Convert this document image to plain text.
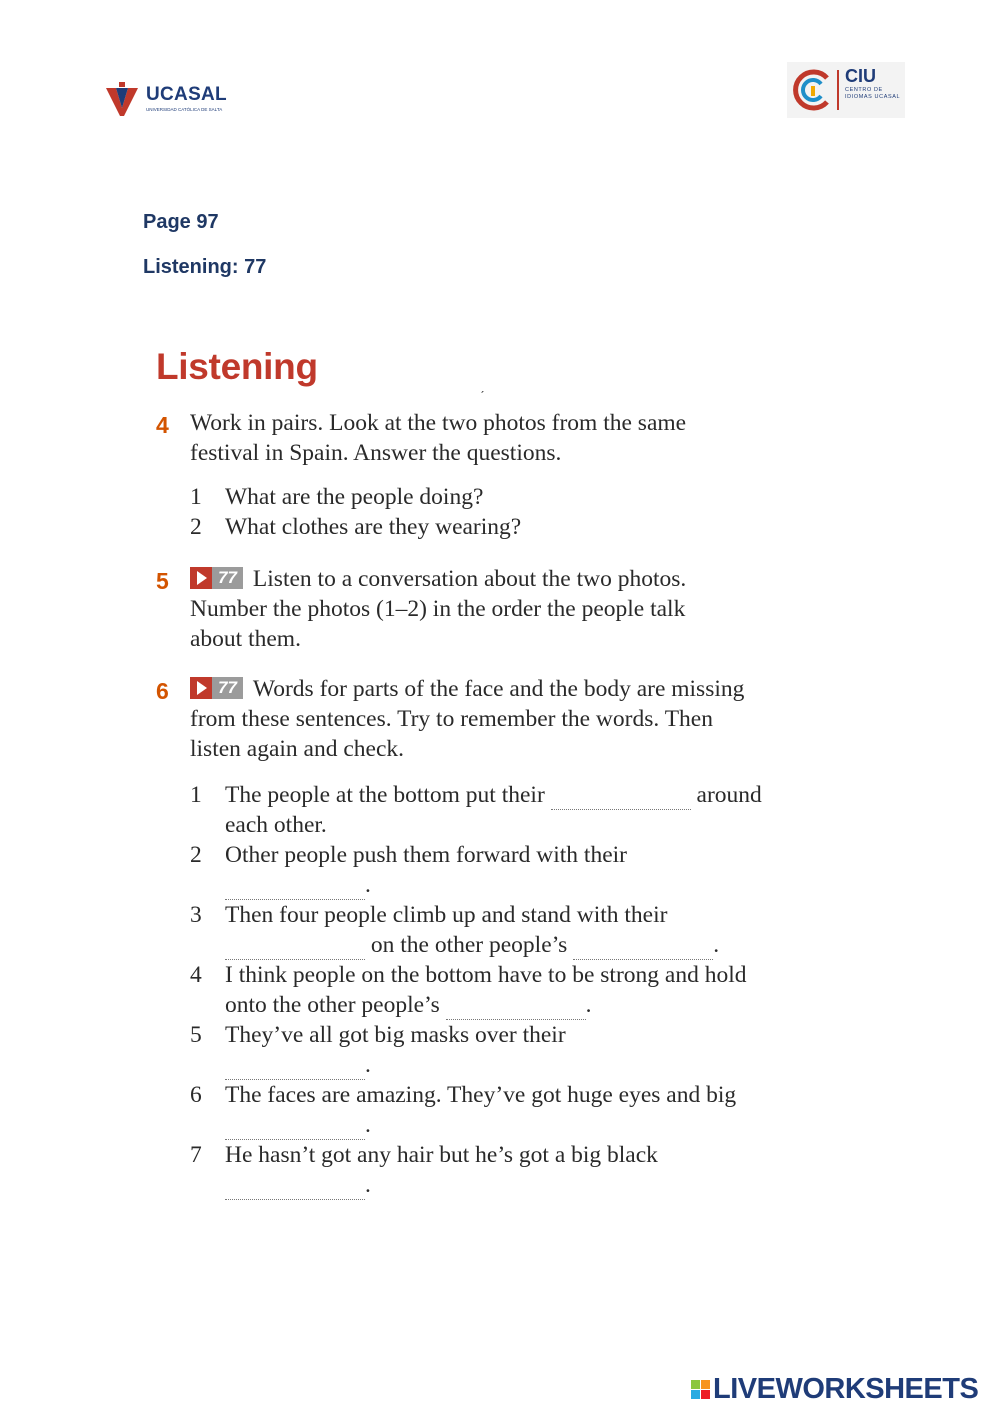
UCASAL
UNIVERSIDAD CATÓLICA DE SALTA
CIU
CENTRO DE IDIOMAS UCASAL
Page 97
Listening: 77
Listening
ˊ
4 Work in pairs. Look at the two photos from the same festival in Spain. Answer the questions.
1 What are the people doing?
2 What clothes are they wearing?
5	77 Listen to a conversation about the two photos. Number the photos (1–2) in the order the people talk about them.
6	77 Words for parts of the face and the body are missing from these sentences. Try to remember the words. Then listen again and check.
1 The people at the bottom put their	around each other.
2 Other people push them forward with their
.
3 Then four people climb up and stand with their
on the other people’s	.
4 I think people on the bottom have to be strong and hold onto the other people’s	.
5 They’ve all got big masks over their
.
6 The faces are amazing. They’ve got huge eyes and big .
7 He hasn’t got any hair but he’s got a big black
.
LIVEWORKSHEETS
